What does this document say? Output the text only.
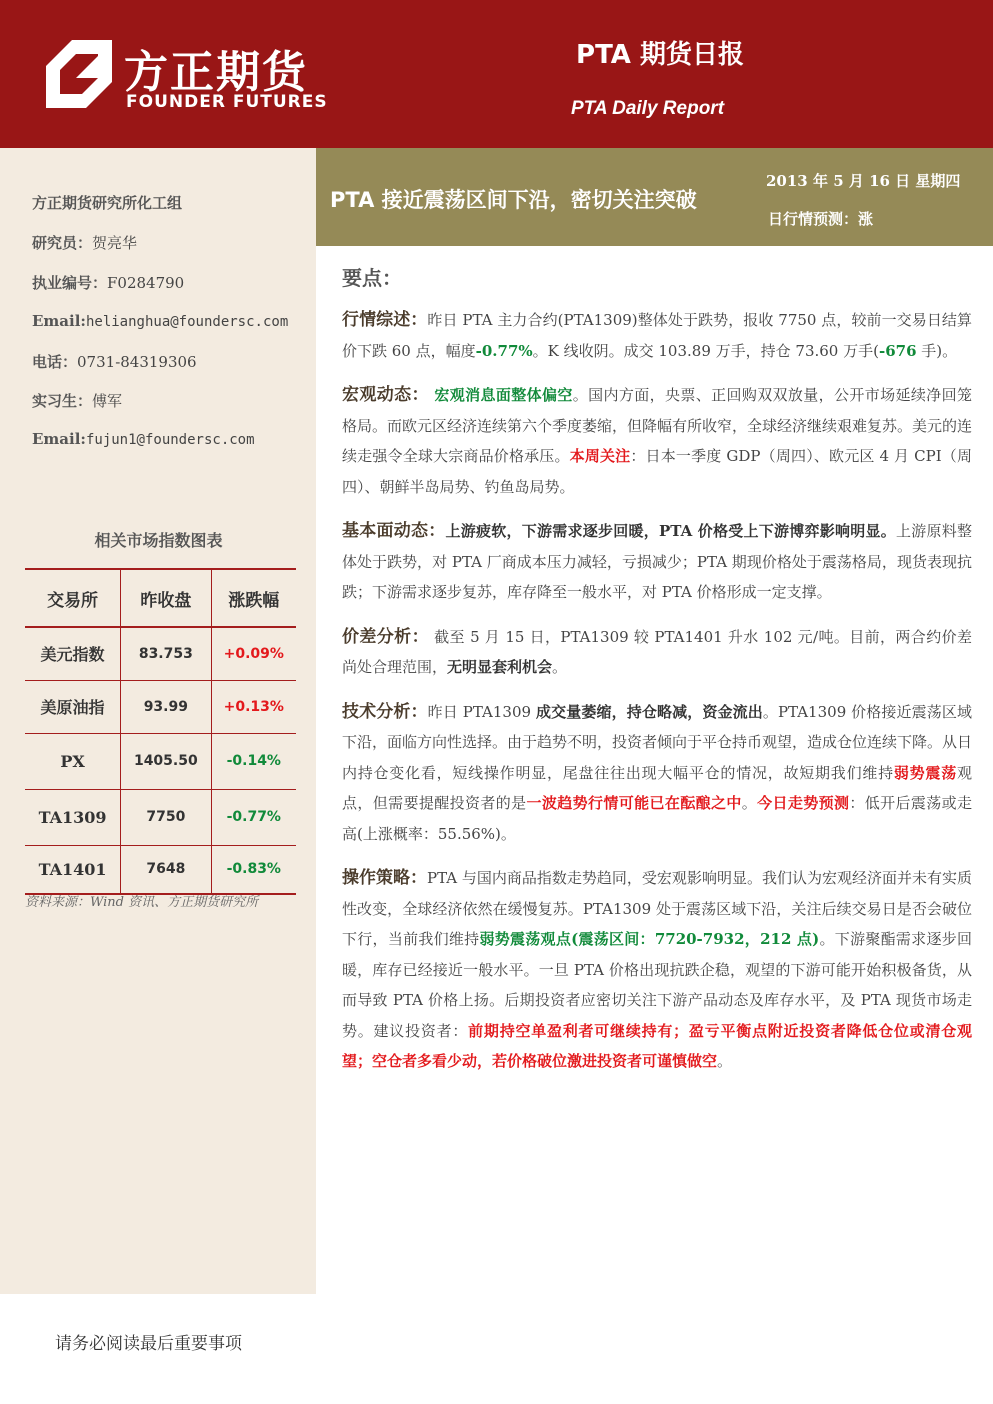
方正期货
FOUNDER FUTURES
PTA 期货日报
PTA Daily Report
方正期货研究所化工组
研究员：贺亮华
执业编号：F0284790
Email:helianghua@foundersc.com
电话：0731-84319306
实习生：傅军
Email:fujun1@foundersc.com
相关市场指数图表
交易所	昨收盘	涨跌幅
美元指数	83.753	+0.09%
美原油指	93.99	+0.13%
PX	1405.50	-0.14%
TA1309	7750	-0.77%
TA1401	7648	-0.83%
资料来源：Wind 资讯、方正期货研究所
PTA 接近震荡区间下沿，密切关注突破
2013 年 5 月 16 日 星期四
日行情预测：涨
要点：

行情综述：昨日 PTA 主力合约(PTA1309)整体处于跌势，报收 7750 点，较前一交易日结算价下跌 60 点，幅度-0.77%。K 线收阴。成交 103.89 万手，持仓 73.60 万手(-676 手)。

宏观动态： 宏观消息面整体偏空。国内方面，央票、正回购双双放量，公开市场延续净回笼格局。而欧元区经济连续第六个季度萎缩，但降幅有所收窄，全球经济继续艰难复苏。美元的连续走强令全球大宗商品价格承压。本周关注：日本一季度 GDP（周四）、欧元区 4 月 CPI（周四）、朝鲜半岛局势、钓鱼岛局势。

基本面动态：上游疲软，下游需求逐步回暖，PTA 价格受上下游博弈影响明显。上游原料整体处于跌势，对 PTA 厂商成本压力减轻，亏损减少；PTA 期现价格处于震荡格局，现货表现抗跌；下游需求逐步复苏，库存降至一般水平，对 PTA 价格形成一定支撑。

价差分析： 截至 5 月 15 日，PTA1309 较 PTA1401 升水 102 元/吨。目前，两合约价差尚处合理范围，无明显套利机会。

技术分析：昨日 PTA1309 成交量萎缩，持仓略减，资金流出。PTA1309 价格接近震荡区域下沿，面临方向性选择。由于趋势不明，投资者倾向于平仓持币观望，造成仓位连续下降。从日内持仓变化看，短线操作明显，尾盘往往出现大幅平仓的情况，故短期我们维持弱势震荡观点，但需要提醒投资者的是一波趋势行情可能已在酝酿之中。今日走势预测：低开后震荡或走高(上涨概率：55.56%)。

操作策略：PTA 与国内商品指数走势趋同，受宏观影响明显。我们认为宏观经济面并未有实质性改变，全球经济依然在缓慢复苏。PTA1309 处于震荡区域下沿，关注后续交易日是否会破位下行，当前我们维持弱势震荡观点(震荡区间：7720-7932，212 点)。下游聚酯需求逐步回暖，库存已经接近一般水平。一旦 PTA 价格出现抗跌企稳，观望的下游可能开始积极备货，从而导致 PTA 价格上扬。后期投资者应密切关注下游产品动态及库存水平，及 PTA 现货市场走势。建议投资者：前期持空单盈利者可继续持有；盈亏平衡点附近投资者降低仓位或清仓观望；空仓者多看少动，若价格破位激进投资者可谨慎做空。

请务必阅读最后重要事项
